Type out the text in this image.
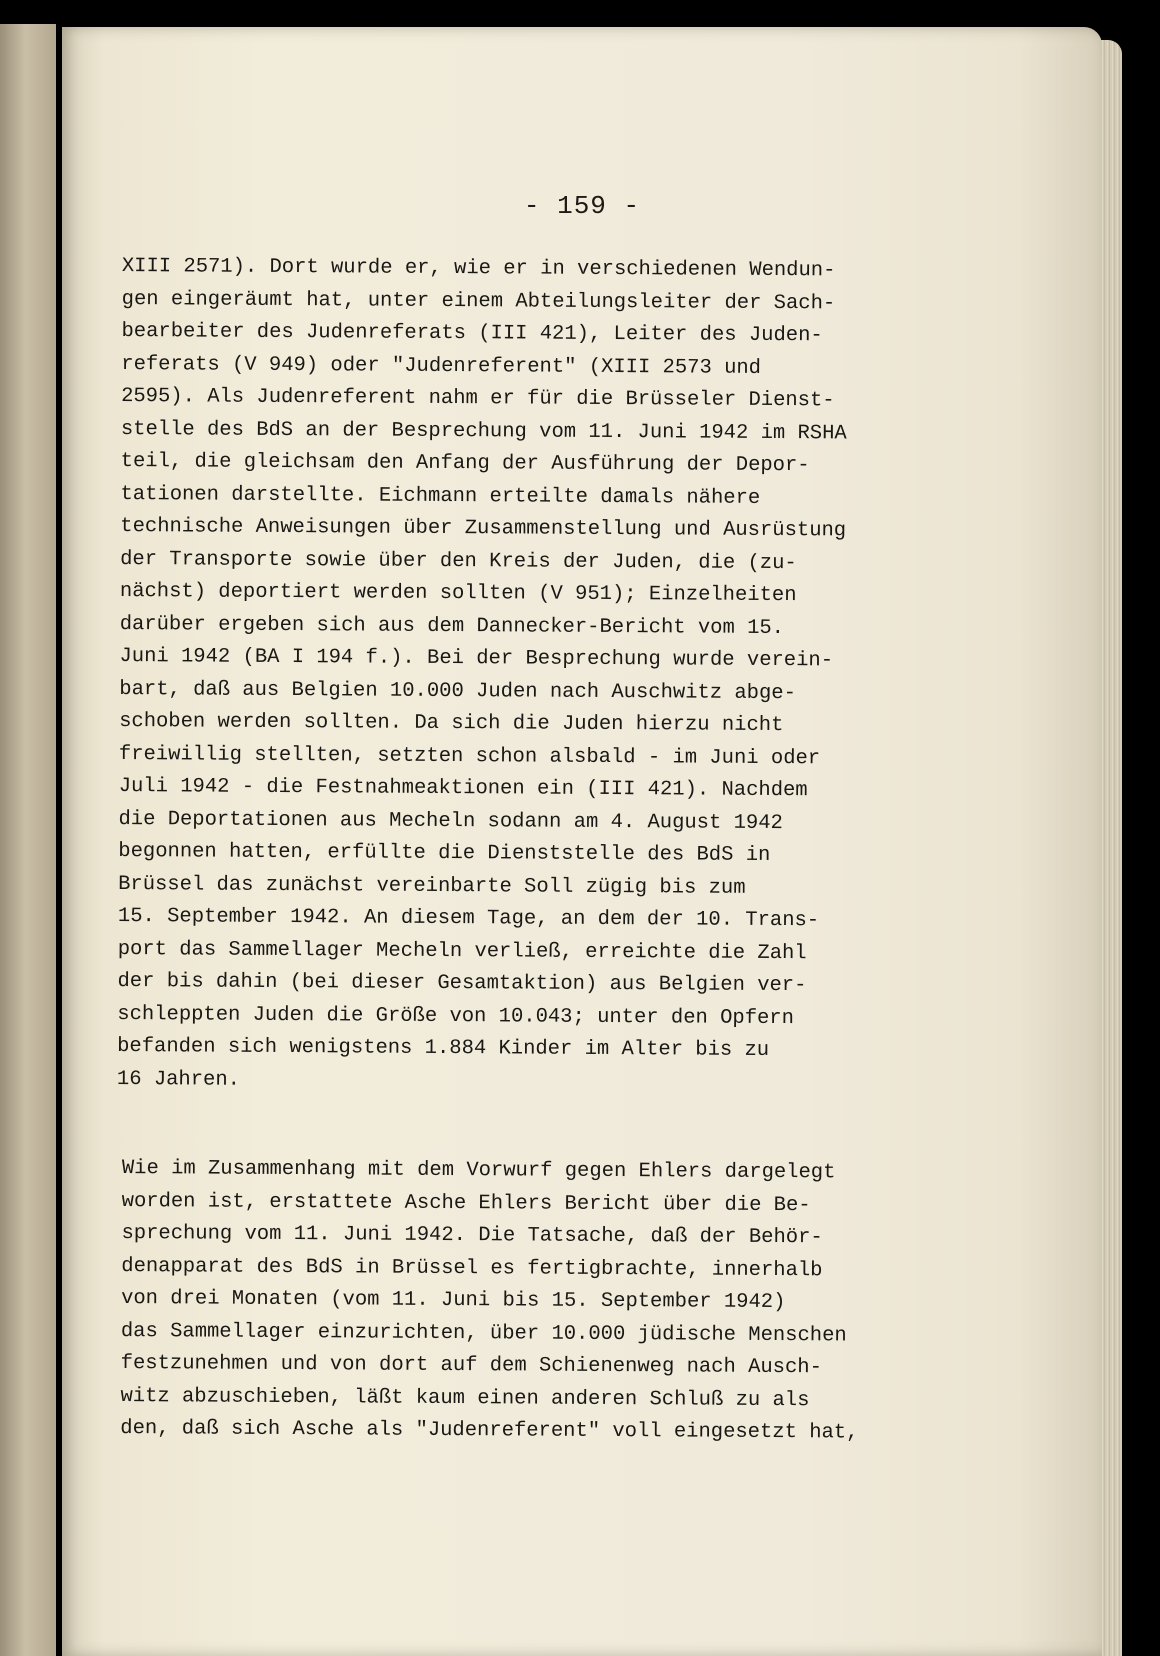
- 159 -

XIII 2571). Dort wurde er, wie er in verschiedenen Wendun-
gen eingeräumt hat, unter einem Abteilungsleiter der Sach-
bearbeiter des Judenreferats (III 421), Leiter des Juden-
referats (V 949) oder "Judenreferent" (XIII 2573 und
2595). Als Judenreferent nahm er für die Brüsseler Dienst-
stelle des BdS an der Besprechung vom 11. Juni 1942 im RSHA
teil, die gleichsam den Anfang der Ausführung der Depor-
tationen darstellte. Eichmann erteilte damals nähere
technische Anweisungen über Zusammenstellung und Ausrüstung
der Transporte sowie über den Kreis der Juden, die (zu-
nächst) deportiert werden sollten (V 951); Einzelheiten
darüber ergeben sich aus dem Dannecker-Bericht vom 15.
Juni 1942 (BA I 194 f.). Bei der Besprechung wurde verein-
bart, daß aus Belgien 10.000 Juden nach Auschwitz abge-
schoben werden sollten. Da sich die Juden hierzu nicht
freiwillig stellten, setzten schon alsbald - im Juni oder
Juli 1942 - die Festnahmeaktionen ein (III 421). Nachdem
die Deportationen aus Mecheln sodann am 4. August 1942
begonnen hatten, erfüllte die Dienststelle des BdS in
Brüssel das zunächst vereinbarte Soll zügig bis zum
15. September 1942. An diesem Tage, an dem der 10. Trans-
port das Sammellager Mecheln verließ, erreichte die Zahl
der bis dahin (bei dieser Gesamtaktion) aus Belgien ver-
schleppten Juden die Größe von 10.043; unter den Opfern
befanden sich wenigstens 1.884 Kinder im Alter bis zu
16 Jahren.
Wie im Zusammenhang mit dem Vorwurf gegen Ehlers dargelegt
worden ist, erstattete Asche Ehlers Bericht über die Be-
sprechung vom 11. Juni 1942. Die Tatsache, daß der Behör-
denapparat des BdS in Brüssel es fertigbrachte, innerhalb
von drei Monaten (vom 11. Juni bis 15. September 1942)
das Sammellager einzurichten, über 10.000 jüdische Menschen
festzunehmen und von dort auf dem Schienenweg nach Ausch-
witz abzuschieben, läßt kaum einen anderen Schluß zu als
den, daß sich Asche als "Judenreferent" voll eingesetzt hat,
